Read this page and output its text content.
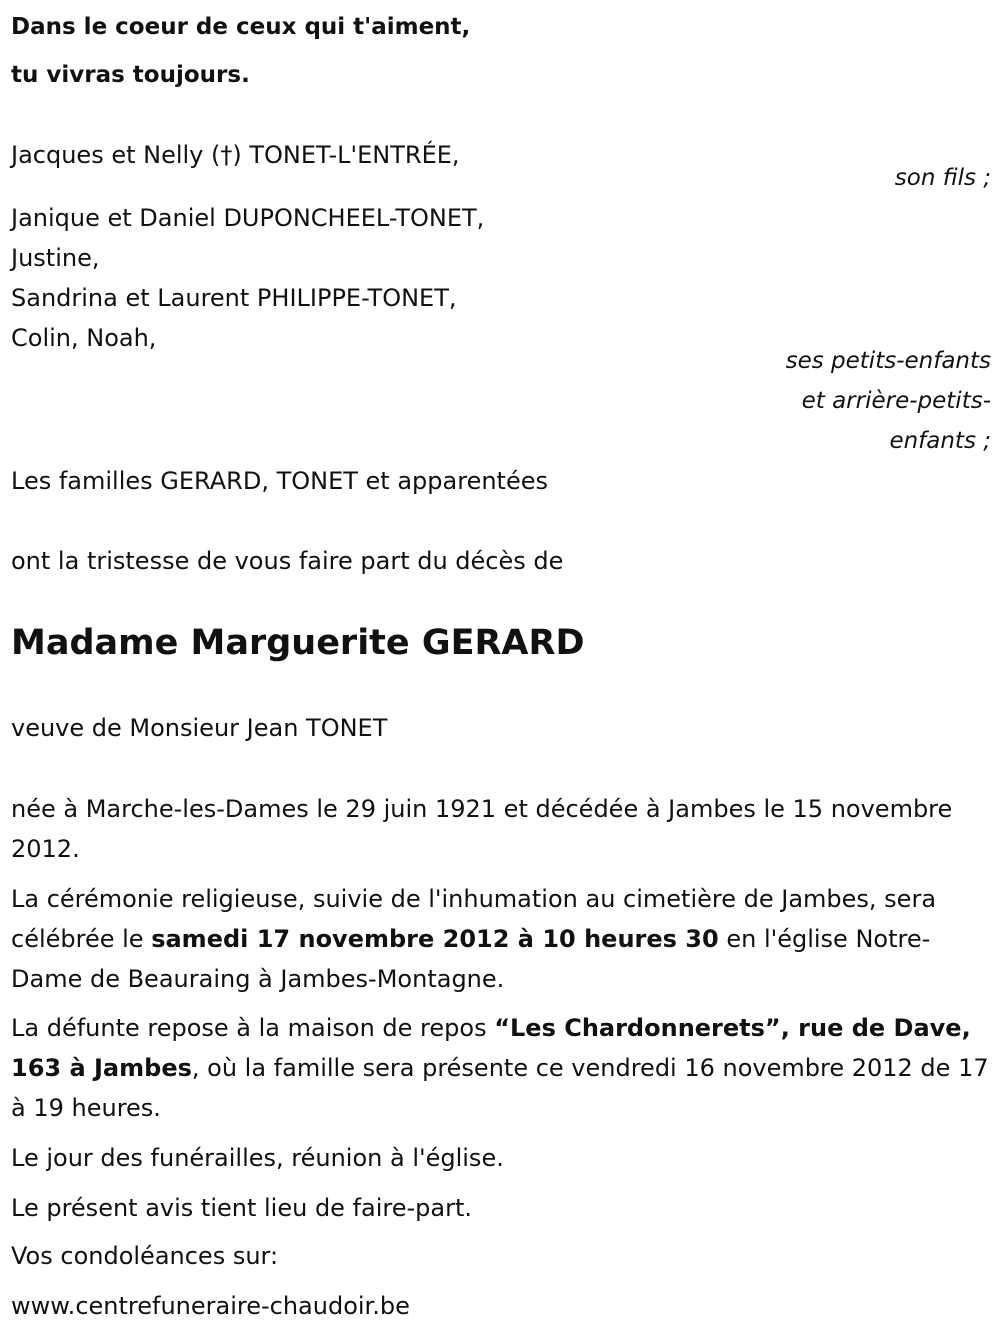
Dans le coeur de ceux qui t'aiment,
tu vivras toujours.
Jacques et Nelly (†) TONET-L'ENTRÉE,
son fils ;
Janique et Daniel DUPONCHEEL-TONET,
Justine,
Sandrina et Laurent PHILIPPE-TONET,
Colin, Noah,
ses petits-enfants
et arrière-petits-
enfants ;
Les familles GERARD, TONET et apparentées
ont la tristesse de vous faire part du décès de
Madame Marguerite GERARD
veuve de Monsieur Jean TONET
née à Marche-les-Dames le 29 juin 1921 et décédée à Jambes le 15 novembre 2012.
La cérémonie religieuse, suivie de l'inhumation au cimetière de Jambes, sera célébrée le samedi 17 novembre 2012 à 10 heures 30 en l'église Notre-Dame de Beauraing à Jambes-Montagne.
La défunte repose à la maison de repos “Les Chardonnerets”, rue de Dave, 163 à Jambes, où la famille sera présente ce vendredi 16 novembre 2012 de 17 à 19 heures.
Le jour des funérailles, réunion à l'église.
Le présent avis tient lieu de faire-part.
Vos condoléances sur:
www.centrefuneraire-chaudoir.be
